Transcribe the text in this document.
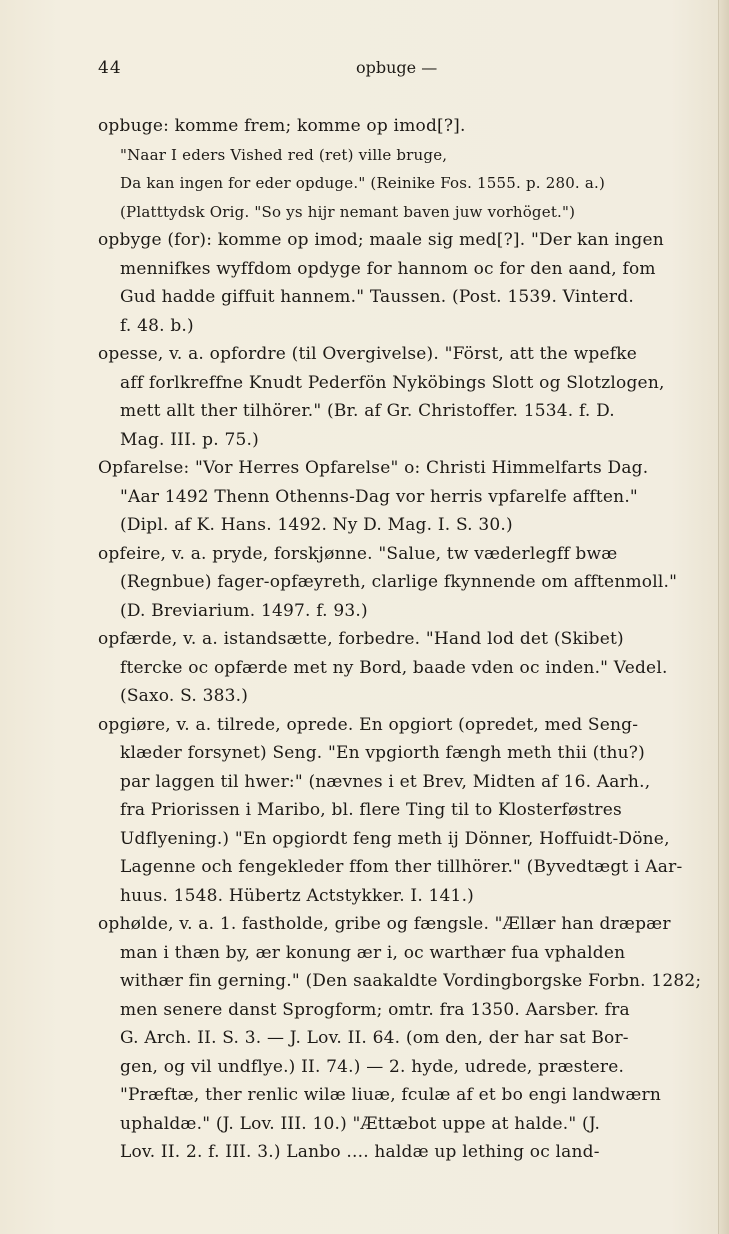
44	opbuge —
opbuge: komme frem; komme op imod[?].
"Naar I eders Vished red (ret) ville bruge,
Da kan ingen for eder opduge." (Reinike Fos. 1555. p. 280. a.)
(Platttydsk Orig. "So ys hijr nemant baven juw vorhöget.")
opbyge (for): komme op imod; maale sig med[?]. "Der kan ingen
mennifkes wyffdom opdyge for hannom oc for den aand, fom
Gud hadde giffuit hannem." Taussen. (Post. 1539. Vinterd.
f. 48. b.)
opesse, v. a. opfordre (til Overgivelse). "Först, att the wpefke
aff forlkreffne Knudt Pederfön Nyköbings Slott og Slotzlogen,
mett allt ther tilhörer." (Br. af Gr. Christoffer. 1534. f. D.
Mag. III. p. 75.)
Opfarelse: "Vor Herres Opfarelse" o: Christi Himmelfarts Dag.
"Aar 1492 Thenn Othenns-Dag vor herris vpfarelfe afften."
(Dipl. af K. Hans. 1492. Ny D. Mag. I. S. 30.)
opfeire, v. a. pryde, forskjønne. "Salue, tw væderlegff bwæ
(Regnbue) fager-opfæyreth, clarlige fkynnende om afftenmoll."
(D. Breviarium. 1497. f. 93.)
opfærde, v. a. istandsætte, forbedre. "Hand lod det (Skibet)
ftercke oc opfærde met ny Bord, baade vden oc inden." Vedel.
(Saxo. S. 383.)
opgiøre, v. a. tilrede, oprede. En opgiort (opredet, med Seng-
klæder forsynet) Seng. "En vpgiorth fængh meth thii (thu?)
par laggen til hwer:" (nævnes i et Brev, Midten af 16. Aarh.,
fra Priorissen i Maribo, bl. flere Ting til to Klosterføstres
Udflyening.) "En opgiordt feng meth ij Dönner, Hoffuidt-Döne,
Lagenne och fengekleder ffom ther tillhörer." (Byvedtægt i Aar-
huus. 1548. Hübertz Actstykker. I. 141.)
ophølde, v. a. 1. fastholde, gribe og fængsle. "Ællær han dræpær
man i thæn by, ær konung ær i, oc warthær fua vphalden
withær fin gerning." (Den saakaldte Vordingborgske Forbn. 1282;
men senere danst Sprogform; omtr. fra 1350. Aarsber. fra
G. Arch. II. S. 3. — J. Lov. II. 64. (om den, der har sat Bor-
gen, og vil undflye.) II. 74.) — 2. hyde, udrede, præstere.
"Præftæ, ther renlic wilæ liuæ, fculæ af et bo engi landwærn
uphaldæ." (J. Lov. III. 10.) "Ættæbot uppe at halde." (J.
Lov. II. 2. f. III. 3.) Lanbo .... haldæ up lething oc land-
